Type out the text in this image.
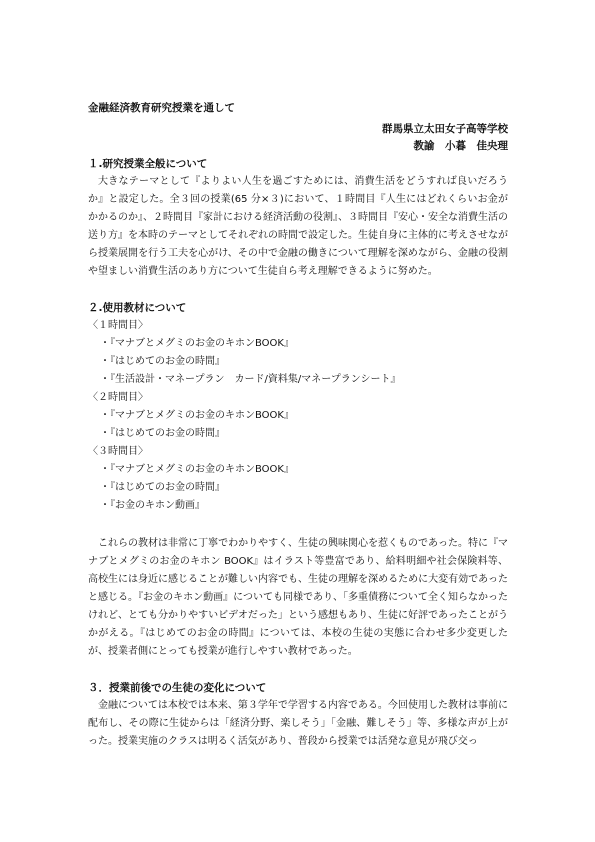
金融経済教育研究授業を通して

群馬県立太田女子高等学校
教諭　小暮　佳央理

１.研究授業全般について

大きなテーマとして『よりよい人生を過ごすためには、消費生活をどうすれば良いだろうか』と設定した。全３回の授業(65 分×３)において、１時間目『人生にはどれくらいお金がかかるのか』、２時間目『家計における経済活動の役割』、３時間目『安心・安全な消費生活の送り方』を本時のテーマとしてそれぞれの時間で設定した。生徒自身に主体的に考えさせながら授業展開を行う工夫を心がけ、その中で金融の働きについて理解を深めながら、金融の役割や望ましい消費生活のあり方について生徒自ら考え理解できるように努めた。

２.使用教材について

〈１時間目〉

・『マナブとメグミのお金のキホンBOOK』

・『はじめてのお金の時間』

・『生活設計・マネープラン　カード/資料集/マネープランシート』

〈２時間目〉

・『マナブとメグミのお金のキホンBOOK』

・『はじめてのお金の時間』

〈３時間目〉

・『マナブとメグミのお金のキホンBOOK』

・『はじめてのお金の時間』

・『お金のキホン動画』

これらの教材は非常に丁寧でわかりやすく、生徒の興味関心を惹くものであった。特に『マナブとメグミのお金のキホン BOOK』はイラスト等豊富であり、給料明細や社会保険料等、高校生には身近に感じることが難しい内容でも、生徒の理解を深めるために大変有効であったと感じる。『お金のキホン動画』についても同様であり、「多重債務について全く知らなかったけれど、とても分かりやすいビデオだった」という感想もあり、生徒に好評であったことがうかがえる。『はじめてのお金の時間』については、本校の生徒の実態に合わせ多少変更したが、授業者側にとっても授業が進行しやすい教材であった。

３．授業前後での生徒の変化について

金融については本校では本来、第３学年で学習する内容である。今回使用した教材は事前に配布し、その際に生徒からは「経済分野、楽しそう」「金融、難しそう」等、多様な声が上がった。授業実施のクラスは明るく活気があり、普段から授業では活発な意見が飛び交っ
